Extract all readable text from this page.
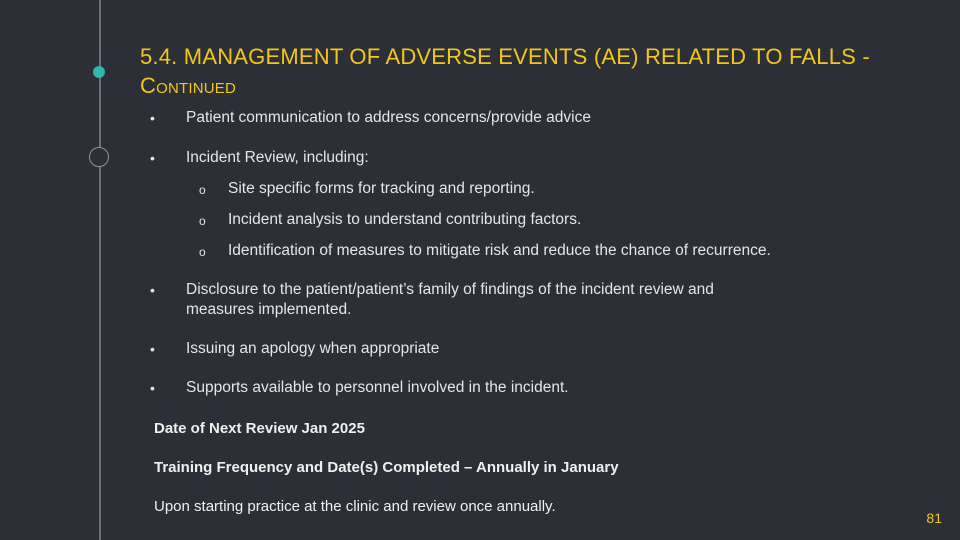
5.4. MANAGEMENT OF ADVERSE EVENTS (AE) RELATED TO FALLS -
Continued
• Patient communication to address concerns/provide advice
• Incident Review, including:
o Site specific forms for tracking and reporting.
o Incident analysis to understand contributing factors.
o Identification of measures to mitigate risk and reduce the chance of recurrence.
• Disclosure to the patient/patient’s family of findings of the incident review and measures implemented.
• Issuing an apology when appropriate
• Supports available to personnel involved in the incident.
Date of Next Review Jan 2025
Training Frequency and Date(s) Completed – Annually in January
Upon starting practice at the clinic and review once annually.
81
